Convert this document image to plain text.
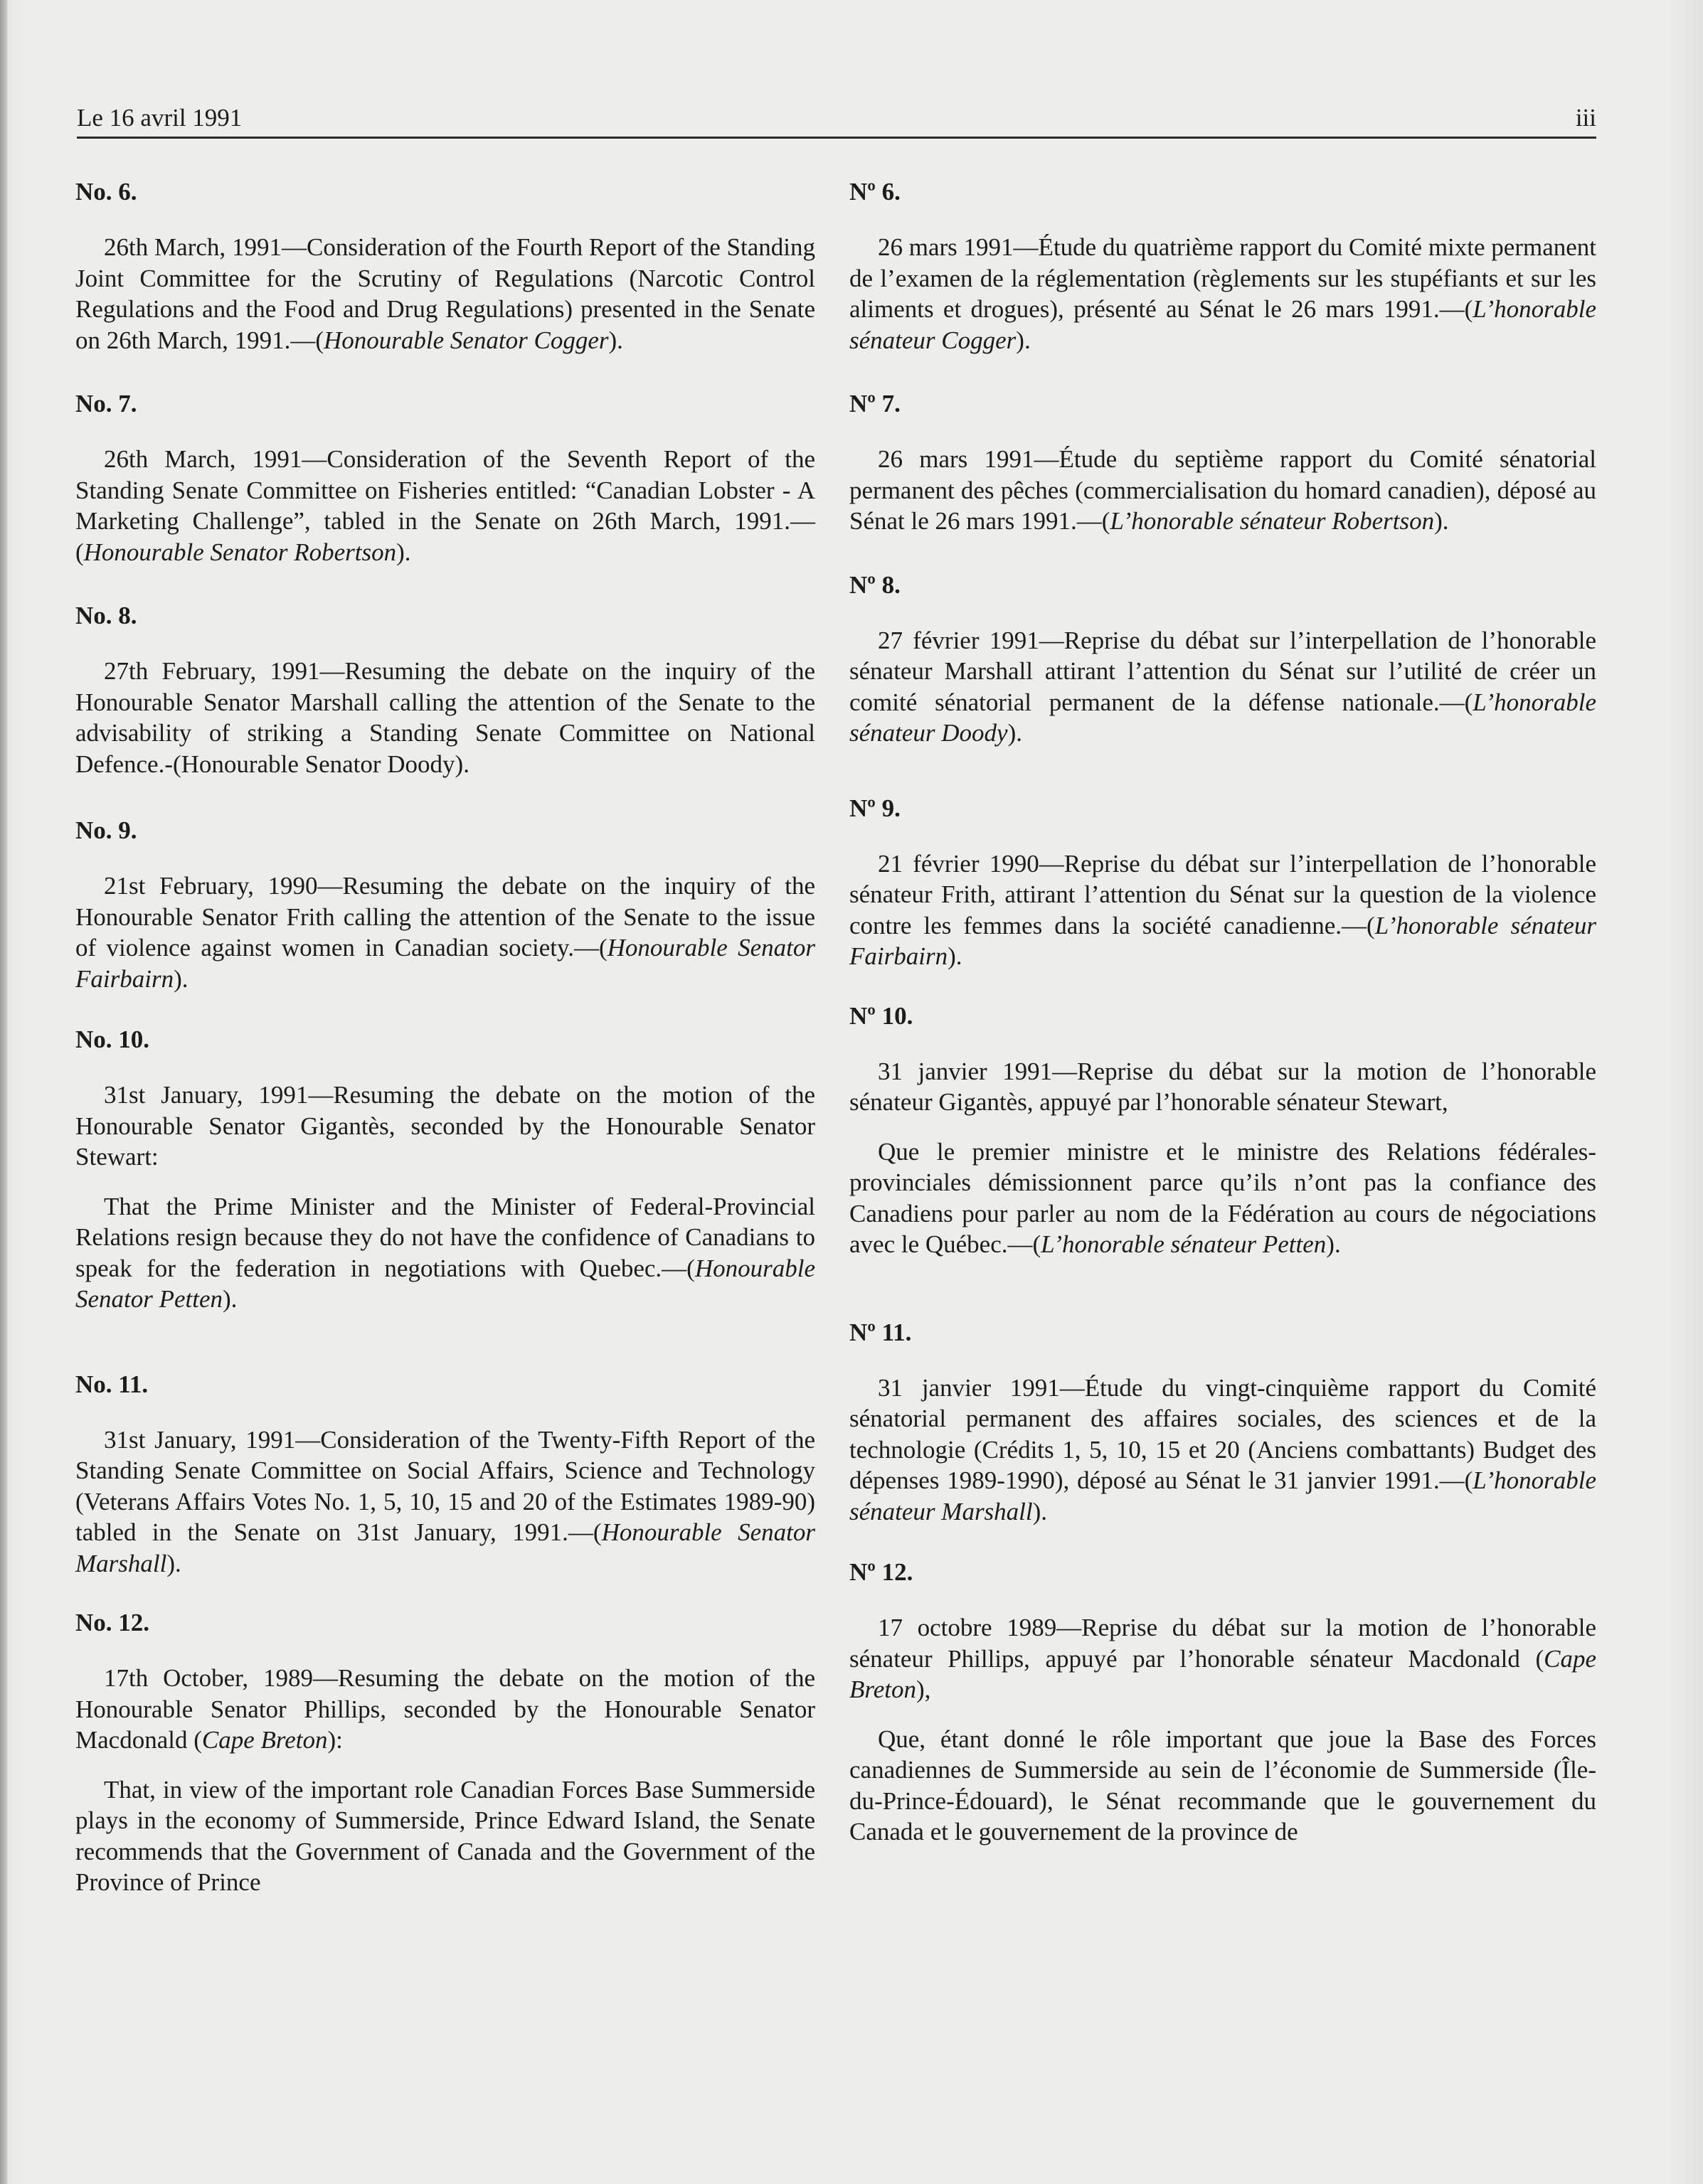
Le 16 avril 1991	iii
No. 6.

26th March, 1991—Consideration of the Fourth Report of the Standing Joint Committee for the Scrutiny of Regulations (Narcotic Control Regulations and the Food and Drug Regulations) presented in the Senate on 26th March, 1991.—(Honourable Senator Cogger).

No. 7.

26th March, 1991—Consideration of the Seventh Report of the Standing Senate Committee on Fisheries entitled: “Canadian Lobster - A Marketing Challenge”, tabled in the Senate on 26th March, 1991.—(Honourable Senator Robertson).

No. 8.

27th February, 1991—Resuming the debate on the inquiry of the Honourable Senator Marshall calling the attention of the Senate to the advisability of striking a Standing Senate Committee on National Defence.-(Honourable Senator Doody).

No. 9.

21st February, 1990—Resuming the debate on the inquiry of the Honourable Senator Frith calling the attention of the Senate to the issue of violence against women in Canadian society.—(Honourable Senator Fairbairn).

No. 10.

31st January, 1991—Resuming the debate on the motion of the Honourable Senator Gigantès, seconded by the Honourable Senator Stewart:

That the Prime Minister and the Minister of Federal-Provincial Relations resign because they do not have the confidence of Canadians to speak for the federation in negotiations with Quebec.—(Honourable Senator Petten).

No. 11.

31st January, 1991—Consideration of the Twenty-Fifth Report of the Standing Senate Committee on Social Affairs, Science and Technology (Veterans Affairs Votes No. 1, 5, 10, 15 and 20 of the Estimates 1989-90) tabled in the Senate on 31st January, 1991.—(Honourable Senator Marshall).

No. 12.

17th October, 1989—Resuming the debate on the motion of the Honourable Senator Phillips, seconded by the Honourable Senator Macdonald (Cape Breton):

That, in view of the important role Canadian Forces Base Summerside plays in the economy of Summerside, Prince Edward Island, the Senate recommends that the Government of Canada and the Government of the Province of Prince

Nº 6.

26 mars 1991—Étude du quatrième rapport du Comité mixte permanent de l’examen de la réglementation (règlements sur les stupéfiants et sur les aliments et drogues), présenté au Sénat le 26 mars 1991.—(L’honorable sénateur Cogger).

Nº 7.

26 mars 1991—Étude du septième rapport du Comité sénatorial permanent des pêches (commercialisation du homard canadien), déposé au Sénat le 26 mars 1991.—(L’honorable sénateur Robertson).

Nº 8.

27 février 1991—Reprise du débat sur l’interpellation de l’honorable sénateur Marshall attirant l’attention du Sénat sur l’utilité de créer un comité sénatorial permanent de la défense nationale.—(L’honorable sénateur Doody).

Nº 9.

21 février 1990—Reprise du débat sur l’interpellation de l’honorable sénateur Frith, attirant l’attention du Sénat sur la question de la violence contre les femmes dans la société canadienne.—(L’honorable sénateur Fairbairn).

Nº 10.

31 janvier 1991—Reprise du débat sur la motion de l’honorable sénateur Gigantès, appuyé par l’honorable sénateur Stewart,

Que le premier ministre et le ministre des Relations fédérales-provinciales démissionnent parce qu’ils n’ont pas la confiance des Canadiens pour parler au nom de la Fédération au cours de négociations avec le Québec.—(L’honorable sénateur Petten).

Nº 11.

31 janvier 1991—Étude du vingt-cinquième rapport du Comité sénatorial permanent des affaires sociales, des sciences et de la technologie (Crédits 1, 5, 10, 15 et 20 (Anciens combattants) Budget des dépenses 1989-1990), déposé au Sénat le 31 janvier 1991.—(L’honorable sénateur Marshall).

Nº 12.

17 octobre 1989—Reprise du débat sur la motion de l’honorable sénateur Phillips, appuyé par l’honorable sénateur Macdonald (Cape Breton),

Que, étant donné le rôle important que joue la Base des Forces canadiennes de Summerside au sein de l’économie de Summerside (Île-du-Prince-Édouard), le Sénat recommande que le gouvernement du Canada et le gouvernement de la province de
